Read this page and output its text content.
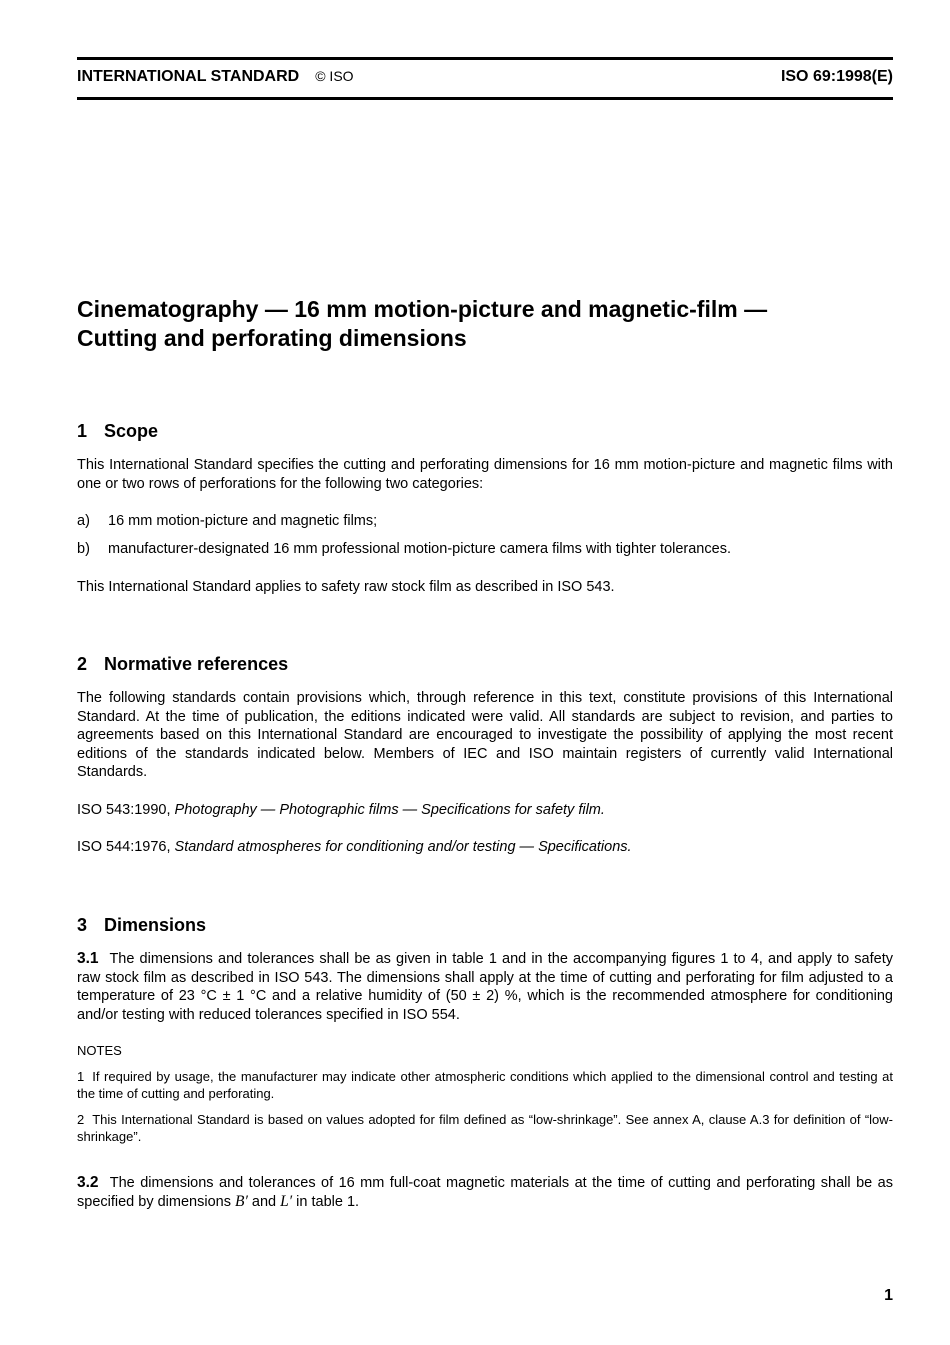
INTERNATIONAL STANDARD © ISO	ISO 69:1998(E)
Cinematography — 16 mm motion-picture and magnetic-film —
Cutting and perforating dimensions
1 Scope
This International Standard specifies the cutting and perforating dimensions for 16 mm motion-picture and magnetic films with one or two rows of perforations for the following two categories:
a) 16 mm motion-picture and magnetic films;
b) manufacturer-designated 16 mm professional motion-picture camera films with tighter tolerances.
This International Standard applies to safety raw stock film as described in ISO 543.
2 Normative references
The following standards contain provisions which, through reference in this text, constitute provisions of this International Standard. At the time of publication, the editions indicated were valid. All standards are subject to revision, and parties to agreements based on this International Standard are encouraged to investigate the possibility of applying the most recent editions of the standards indicated below. Members of IEC and ISO maintain registers of currently valid International Standards.
ISO 543:1990, Photography — Photographic films — Specifications for safety film.
ISO 544:1976, Standard atmospheres for conditioning and/or testing — Specifications.
3 Dimensions
3.1 The dimensions and tolerances shall be as given in table 1 and in the accompanying figures 1 to 4, and apply to safety raw stock film as described in ISO 543. The dimensions shall apply at the time of cutting and perforating for film adjusted to a temperature of 23 °C ± 1 °C and a relative humidity of (50 ± 2) %, which is the recommended atmosphere for conditioning and/or testing with reduced tolerances specified in ISO 554.
NOTES
1 If required by usage, the manufacturer may indicate other atmospheric conditions which applied to the dimensional control and testing at the time of cutting and perforating.
2 This International Standard is based on values adopted for film defined as “low-shrinkage”. See annex A, clause A.3 for definition of “low-shrinkage”.
3.2 The dimensions and tolerances of 16 mm full-coat magnetic materials at the time of cutting and perforating shall be as specified by dimensions B′ and L′ in table 1.
1
